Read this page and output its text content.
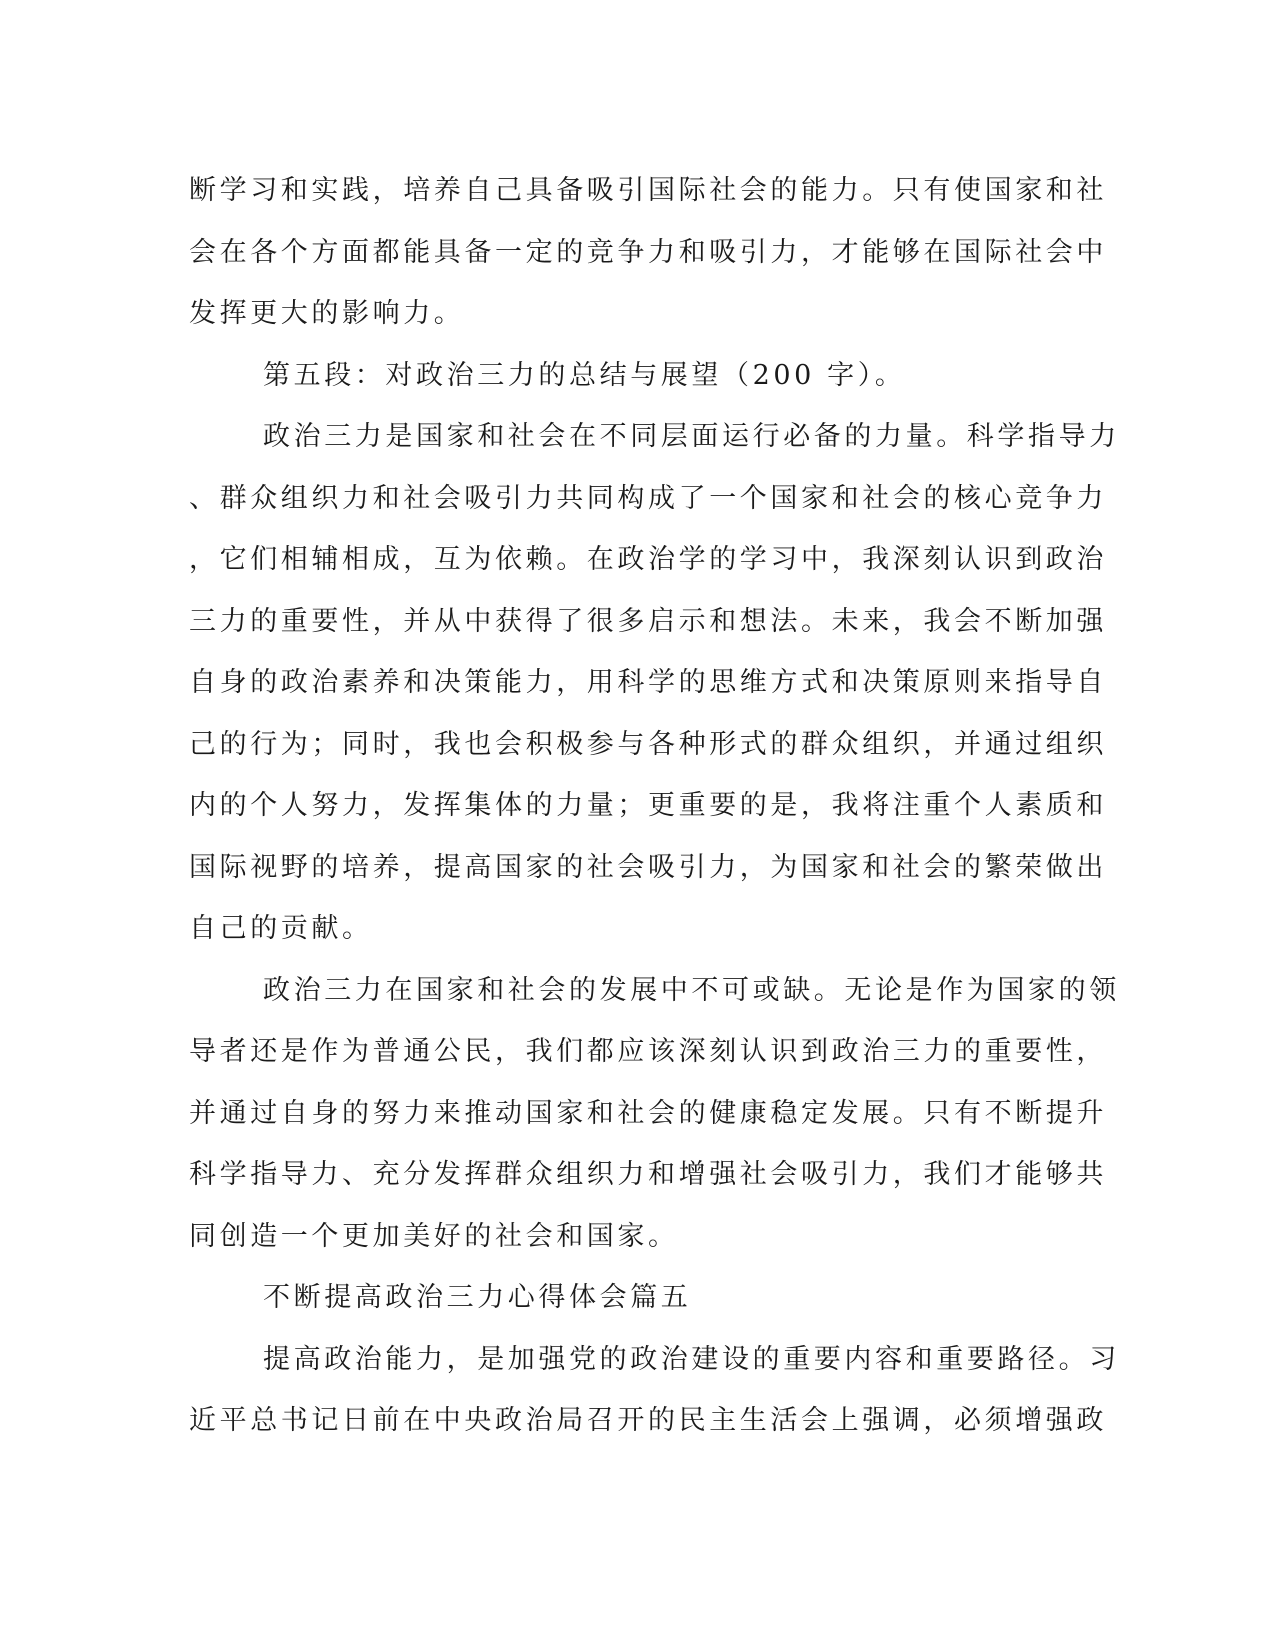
断学习和实践，培养自己具备吸引国际社会的能力。只有使国家和社
会在各个方面都能具备一定的竞争力和吸引力，才能够在国际社会中
发挥更大的影响力。
第五段：对政治三力的总结与展望（200 字）。
政治三力是国家和社会在不同层面运行必备的力量。科学指导力
、群众组织力和社会吸引力共同构成了一个国家和社会的核心竞争力
，它们相辅相成，互为依赖。在政治学的学习中，我深刻认识到政治
三力的重要性，并从中获得了很多启示和想法。未来，我会不断加强
自身的政治素养和决策能力，用科学的思维方式和决策原则来指导自
己的行为；同时，我也会积极参与各种形式的群众组织，并通过组织
内的个人努力，发挥集体的力量；更重要的是，我将注重个人素质和
国际视野的培养，提高国家的社会吸引力，为国家和社会的繁荣做出
自己的贡献。
政治三力在国家和社会的发展中不可或缺。无论是作为国家的领
导者还是作为普通公民，我们都应该深刻认识到政治三力的重要性，
并通过自身的努力来推动国家和社会的健康稳定发展。只有不断提升
科学指导力、充分发挥群众组织力和增强社会吸引力，我们才能够共
同创造一个更加美好的社会和国家。
不断提高政治三力心得体会篇五
提高政治能力，是加强党的政治建设的重要内容和重要路径。习
近平总书记日前在中央政治局召开的民主生活会上强调，必须增强政
